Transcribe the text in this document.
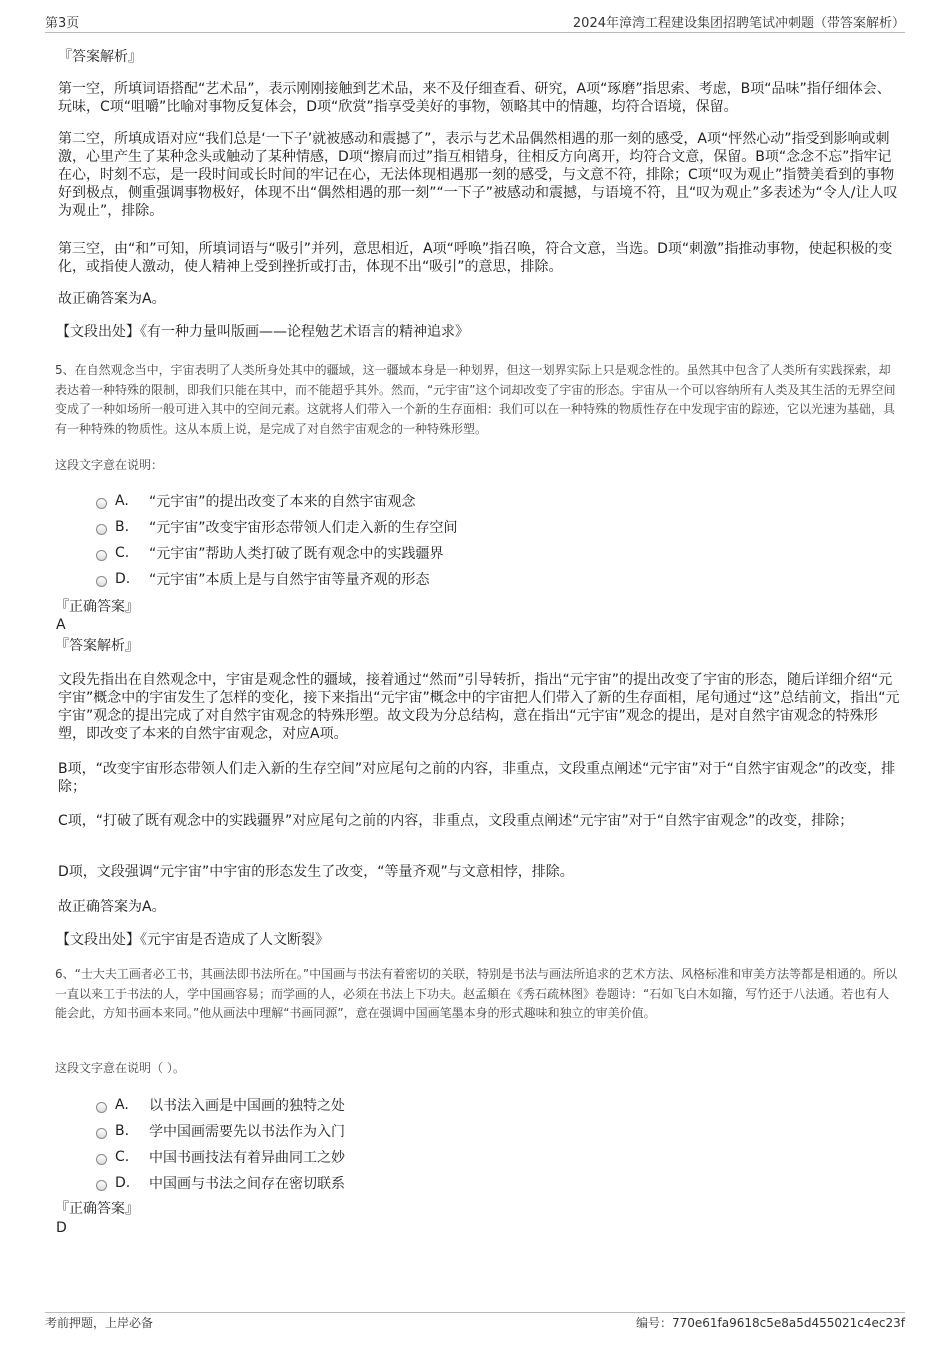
第3页	2024年漳湾工程建设集团招聘笔试冲刺题（带答案解析）

『答案解析』

第一空，所填词语搭配“艺术品”，表示刚刚接触到艺术品，来不及仔细查看、研究，A项“琢磨”指思索、考虑，B项“品味”指仔细体会、玩味，C项“咀嚼”比喻对事物反复体会，D项“欣赏”指享受美好的事物，领略其中的情趣，均符合语境，保留。

第二空，所填成语对应“我们总是‘一下子’就被感动和震撼了”，表示与艺术品偶然相遇的那一刻的感受，A项“怦然心动”指受到影响或刺激，心里产生了某种念头或触动了某种情感，D项“擦肩而过”指互相错身，往相反方向离开，均符合文意，保留。B项“念念不忘”指牢记在心，时刻不忘，是一段时间或长时间的牢记在心，无法体现相遇那一刻的感受，与文意不符，排除；C项“叹为观止”指赞美看到的事物好到极点，侧重强调事物极好，体现不出“偶然相遇的那一刻”“一下子”被感动和震撼，与语境不符，且“叹为观止”多表述为“令人/让人叹为观止”，排除。

第三空，由“和”可知，所填词语与“吸引”并列，意思相近，A项“呼唤”指召唤，符合文意，当选。D项“刺激”指推动事物，使起积极的变化，或指使人激动，使人精神上受到挫折或打击，体现不出“吸引”的意思，排除。

故正确答案为A。

【文段出处】《有一种力量叫版画——论程勉艺术语言的精神追求》

5、在自然观念当中，宇宙表明了人类所身处其中的疆域，这一疆域本身是一种划界，但这一划界实际上只是观念性的。虽然其中包含了人类所有实践探索，却表达着一种特殊的限制，即我们只能在其中，而不能超乎其外。然而，“元宇宙”这个词却改变了宇宙的形态。宇宙从一个可以容纳所有人类及其生活的无界空间变成了一种如场所一般可进入其中的空间元素。这就将人们带入一个新的生存面相：我们可以在一种特殊的物质性存在中发现宇宙的踪迹，它以光速为基础，具有一种特殊的物质性。这从本质上说，是完成了对自然宇宙观念的一种特殊形塑。

这段文字意在说明：

A.	“元宇宙”的提出改变了本来的自然宇宙观念
B.	“元宇宙”改变宇宙形态带领人们走入新的生存空间
C.	“元宇宙”帮助人类打破了既有观念中的实践疆界
D.	“元宇宙”本质上是与自然宇宙等量齐观的形态

『正确答案』

A

『答案解析』

文段先指出在自然观念中，宇宙是观念性的疆域，接着通过“然而”引导转折，指出“元宇宙”的提出改变了宇宙的形态，随后详细介绍“元宇宙”概念中的宇宙发生了怎样的变化，接下来指出“元宇宙”概念中的宇宙把人们带入了新的生存面相，尾句通过“这”总结前文，指出“元宇宙”观念的提出完成了对自然宇宙观念的特殊形塑。故文段为分总结构，意在指出“元宇宙”观念的提出，是对自然宇宙观念的特殊形塑，即改变了本来的自然宇宙观念，对应A项。

B项，“改变宇宙形态带领人们走入新的生存空间”对应尾句之前的内容，非重点，文段重点阐述“元宇宙”对于“自然宇宙观念”的改变，排除；

C项，“打破了既有观念中的实践疆界”对应尾句之前的内容，非重点，文段重点阐述“元宇宙”对于“自然宇宙观念”的改变，排除；

D项，文段强调“元宇宙”中宇宙的形态发生了改变，“等量齐观”与文意相悖，排除。

故正确答案为A。

【文段出处】《元宇宙是否造成了人文断裂》

6、“士大夫工画者必工书，其画法即书法所在。”中国画与书法有着密切的关联，特别是书法与画法所追求的艺术方法、风格标准和审美方法等都是相通的。所以一直以来工于书法的人，学中国画容易；而学画的人，必须在书法上下功夫。赵孟頫在《秀石疏林图》卷题诗：“石如飞白木如籀，写竹还于八法通。若也有人能会此，方知书画本来同。”他从画法中理解“书画同源”，意在强调中国画笔墨本身的形式趣味和独立的审美价值。

这段文字意在说明（ ）。

A.	以书法入画是中国画的独特之处
B.	学中国画需要先以书法作为入门
C.	中国书画技法有着异曲同工之妙
D.	中国画与书法之间存在密切联系

『正确答案』

D

考前押题，上岸必备	编号：770e61fa9618c5e8a5d455021c4ec23f
